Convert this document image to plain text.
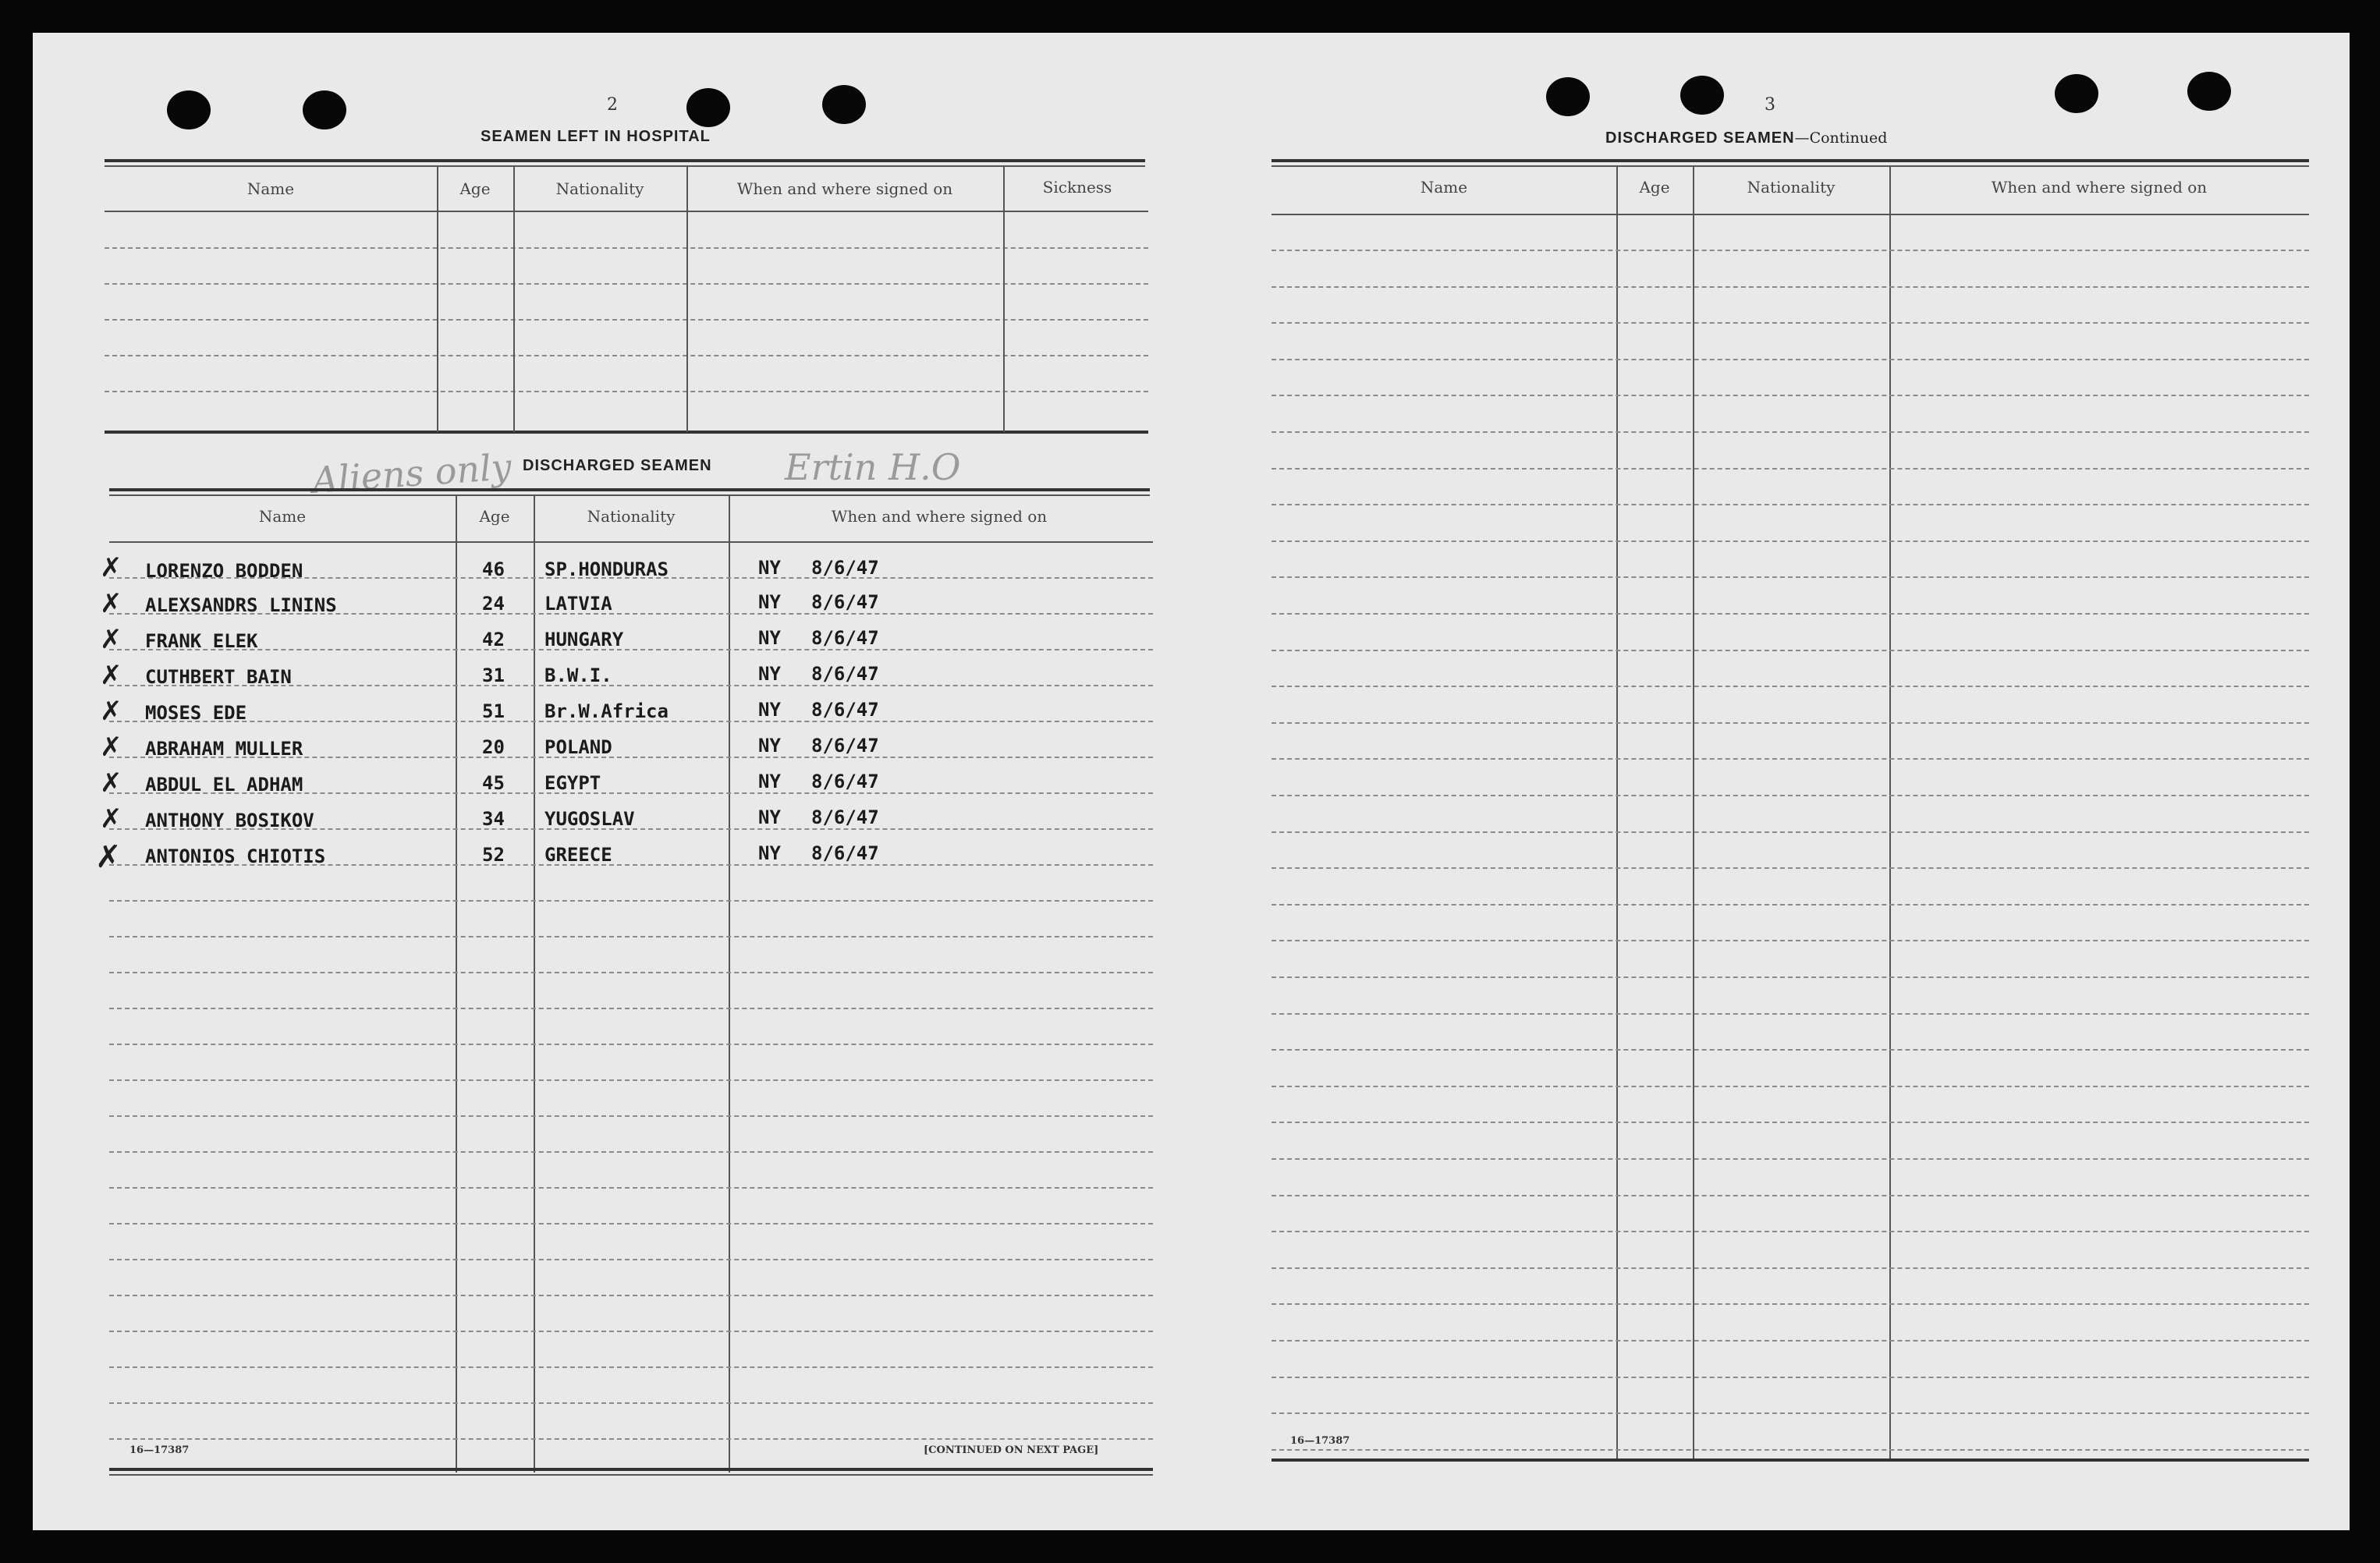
2
SEAMEN LEFT IN HOSPITAL
Name	Age	Nationality	When and where signed on	Sickness
Aliens only	Ertin H.O
DISCHARGED SEAMEN
Name	Age	Nationality	When and where signed on
✗
✗
✗
✗
✗
✗
✗
✗
✗
LORENZO BODDEN	46 SP.HONDURAS	NY 8/6/47
ALEXSANDRS LININS	24 LATVIA	NY 8/6/47
FRANK ELEK	42 HUNGARY	NY 8/6/47
CUTHBERT BAIN	31 B.W.I.	NY 8/6/47
MOSES EDE	51 Br.W.Africa	NY 8/6/47
ABRAHAM MULLER	20 POLAND	NY 8/6/47
ABDUL EL ADHAM	45 EGYPT	NY 8/6/47
ANTHONY BOSIKOV	34 YUGOSLAV	NY 8/6/47
ANTONIOS CHIOTIS	52 GREECE	NY 8/6/47
16—17387	[CONTINUED ON NEXT PAGE]
3
DISCHARGED SEAMEN—Continued
Name	Age	Nationality	When and where signed on
16—17387
